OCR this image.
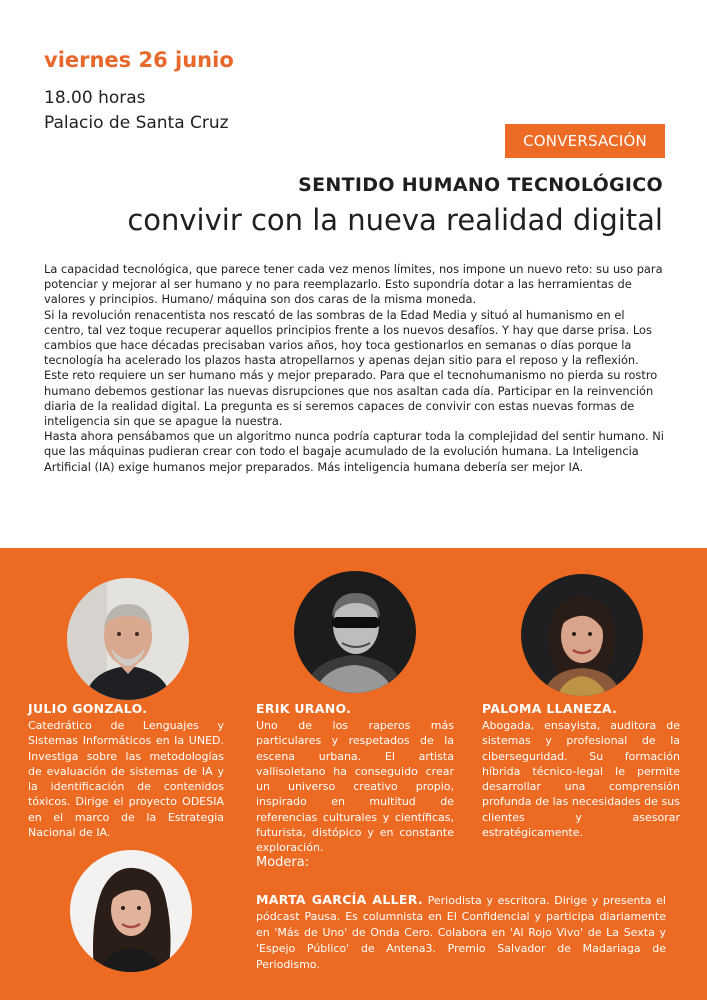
viernes 26 junio
18.00 horas
Palacio de Santa Cruz
CONVERSACIÓN
SENTIDO HUMANO TECNOLÓGICO
convivir con la nueva realidad digital

La capacidad tecnológica, que parece tener cada vez menos límites, nos impone un nuevo reto: su uso para potenciar y mejorar al ser humano y no para reemplazarlo. Esto supondría dotar a las herramientas de valores y principios. Humano/ máquina son dos caras de la misma moneda.

Si la revolución renacentista nos rescató de las sombras de la Edad Media y situó al humanismo en el centro, tal vez toque recuperar aquellos principios frente a los nuevos desafíos. Y hay que darse prisa. Los cambios que hace décadas precisaban varios años, hoy toca gestionarlos en semanas o días porque la tecnología ha acelerado los plazos hasta atropellarnos y apenas dejan sitio para el reposo y la reflexión.

Este reto requiere un ser humano más y mejor preparado. Para que el tecnohumanismo no pierda su rostro humano debemos gestionar las nuevas disrupciones que nos asaltan cada día. Participar en la reinvención diaria de la realidad digital. La pregunta es si seremos capaces de convivir con estas nuevas formas de inteligencia sin que se apague la nuestra.

Hasta ahora pensábamos que un algoritmo nunca podría capturar toda la complejidad del sentir humano. Ni que las máquinas pudieran crear con todo el bagaje acumulado de la evolución humana. La Inteligencia Artificial (IA) exige humanos mejor preparados. Más inteligencia humana debería ser mejor IA.

JULIO GONZALO.
Catedrático de Lenguajes y Sistemas Informáticos en la UNED. Investiga sobre las metodologías de evaluación de sistemas de IA y la identificación de contenidos tóxicos. Dirige el proyecto ODESIA en el marco de la Estrategia Nacional de IA.
ERIK URANO.
Uno de los raperos más particulares y respetados de la escena urbana. El artista vallisoletano ha conseguido crear un universo creativo propio, inspirado en multitud de referencias culturales y científicas, futurista, distópico y en constante exploración.
PALOMA LLANEZA.
Abogada, ensayista, auditora de sistemas y profesional de la ciberseguridad. Su formación híbrida técnico-legal le permite desarrollar una comprensión profunda de las necesidades de sus clientes y asesorar estratégicamente.
Modera:
MARTA GARCÍA ALLER. Periodista y escritora. Dirige y presenta el pódcast Pausa. Es columnista en El Confidencial y participa diariamente en 'Más de Uno' de Onda Cero. Colabora en 'Al Rojo Vivo' de La Sexta y 'Espejo Público' de Antena3. Premio Salvador de Madariaga de Periodismo.
